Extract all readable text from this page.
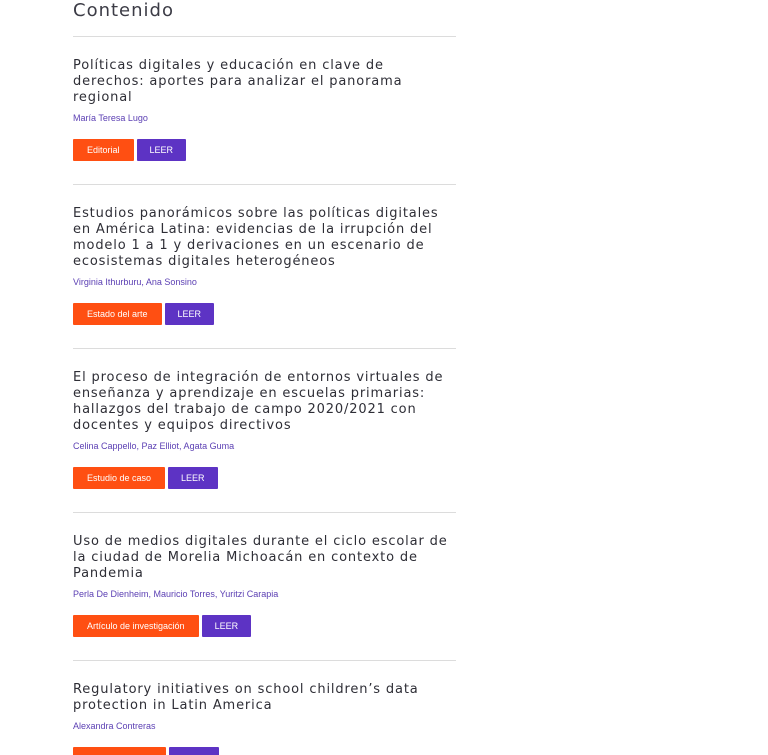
Contenido
Políticas digitales y educación en clave de derechos: aportes para analizar el panorama regional
María Teresa Lugo
Editorial	LEER
Estudios panorámicos sobre las políticas digitales en América Latina: evidencias de la irrupción del modelo 1 a 1 y derivaciones en un escenario de ecosistemas digitales heterogéneos
Virginia Ithurburu, Ana Sonsino
Estado del arte	LEER
El proceso de integración de entornos virtuales de enseñanza y aprendizaje en escuelas primarias: hallazgos del trabajo de campo 2020/2021 con docentes y equipos directivos
Celina Cappello, Paz Elliot, Agata Guma
Estudio de caso	LEER
Uso de medios digitales durante el ciclo escolar de la ciudad de Morelia Michoacán en contexto de Pandemia
Perla De Dienheim, Mauricio Torres, Yuritzi Carapia
Artículo de investigación	LEER
Regulatory initiatives on school children’s data protection in Latin America
Alexandra Contreras
